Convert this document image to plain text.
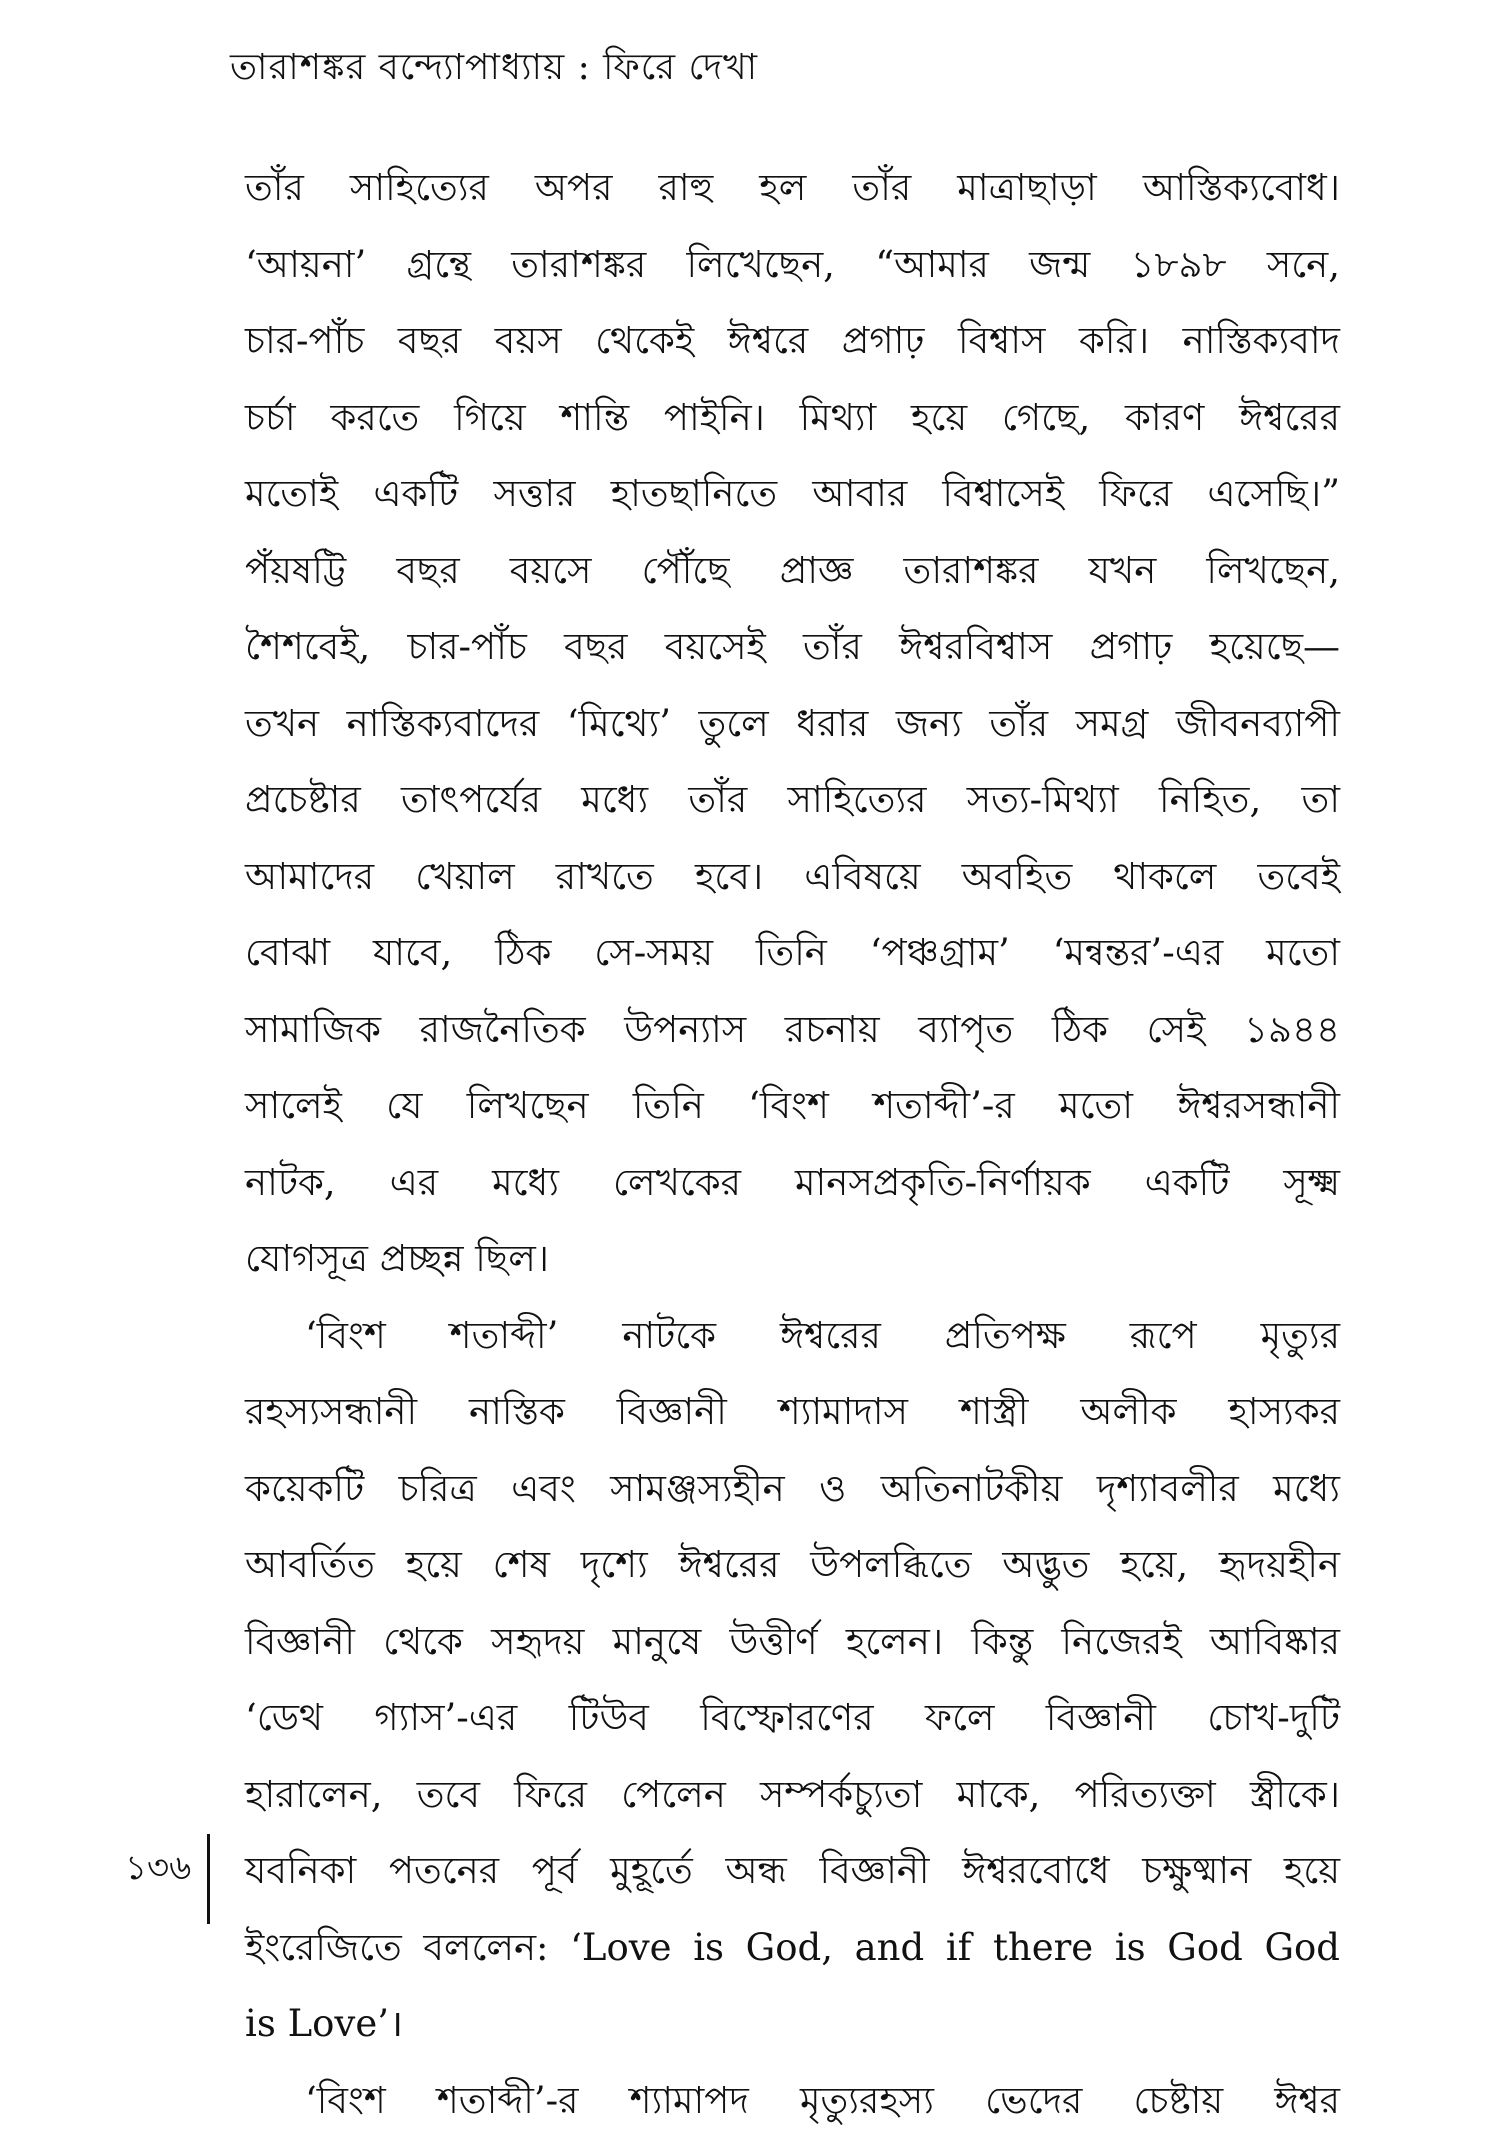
তারাশঙ্কর বন্দ্যোপাধ্যায় : ফিরে দেখা
তাঁর সাহিত্যের অপর রাহু হল তাঁর মাত্রাছাড়া আস্তিক্যবোধ।
‘আয়না’ গ্রন্থে তারাশঙ্কর লিখেছেন, “আমার জন্ম ১৮৯৮ সনে,
চার-পাঁচ বছর বয়স থেকেই ঈশ্বরে প্রগাঢ় বিশ্বাস করি। নাস্তিক্যবাদ
চর্চা করতে গিয়ে শান্তি পাইনি। মিথ্যা হয়ে গেছে, কারণ ঈশ্বরের
মতোই একটি সত্তার হাতছানিতে আবার বিশ্বাসেই ফিরে এসেছি।”
পঁয়ষট্টি বছর বয়সে পৌঁছে প্রাজ্ঞ তারাশঙ্কর যখন লিখছেন,
শৈশবেই, চার-পাঁচ বছর বয়সেই তাঁর ঈশ্বরবিশ্বাস প্রগাঢ় হয়েছে—
তখন নাস্তিক্যবাদের ‘মিথ্যে’ তুলে ধরার জন্য তাঁর সমগ্র জীবনব্যাপী
প্রচেষ্টার তাৎপর্যের মধ্যে তাঁর সাহিত্যের সত্য-মিথ্যা নিহিত, তা
আমাদের খেয়াল রাখতে হবে। এবিষয়ে অবহিত থাকলে তবেই
বোঝা যাবে, ঠিক সে-সময় তিনি ‘পঞ্চগ্রাম’ ‘মন্বন্তর’-এর মতো
সামাজিক রাজনৈতিক উপন্যাস রচনায় ব্যাপৃত ঠিক সেই ১৯৪৪
সালেই যে লিখছেন তিনি ‘বিংশ শতাব্দী’-র মতো ঈশ্বরসন্ধানী
নাটক, এর মধ্যে লেখকের মানসপ্রকৃতি-নির্ণায়ক একটি সূক্ষ্ম
যোগসূত্র প্রচ্ছন্ন ছিল।
‘বিংশ শতাব্দী’ নাটকে ঈশ্বরের প্রতিপক্ষ রূপে মৃত্যুর
রহস্যসন্ধানী নাস্তিক বিজ্ঞানী শ্যামাদাস শাস্ত্রী অলীক হাস্যকর
কয়েকটি চরিত্র এবং সামঞ্জস্যহীন ও অতিনাটকীয় দৃশ্যাবলীর মধ্যে
আবর্তিত হয়ে শেষ দৃশ্যে ঈশ্বরের উপলব্ধিতে অদ্ভুত হয়ে, হৃদয়হীন
বিজ্ঞানী থেকে সহৃদয় মানুষে উত্তীর্ণ হলেন। কিন্তু নিজেরই আবিষ্কার
‘ডেথ গ্যাস’-এর টিউব বিস্ফোরণের ফলে বিজ্ঞানী চোখ-দুটি
হারালেন, তবে ফিরে পেলেন সম্পর্কচ্যুতা মাকে, পরিত্যক্তা স্ত্রীকে।
যবনিকা পতনের পূর্ব মুহূর্তে অন্ধ বিজ্ঞানী ঈশ্বরবোধে চক্ষুষ্মান হয়ে
ইংরেজিতে বললেন: ‘Love is God, and if there is God God
is Love’।
‘বিংশ শতাব্দী’-র শ্যামাপদ মৃত্যুরহস্য ভেদের চেষ্টায় ঈশ্বর
১৩৬
